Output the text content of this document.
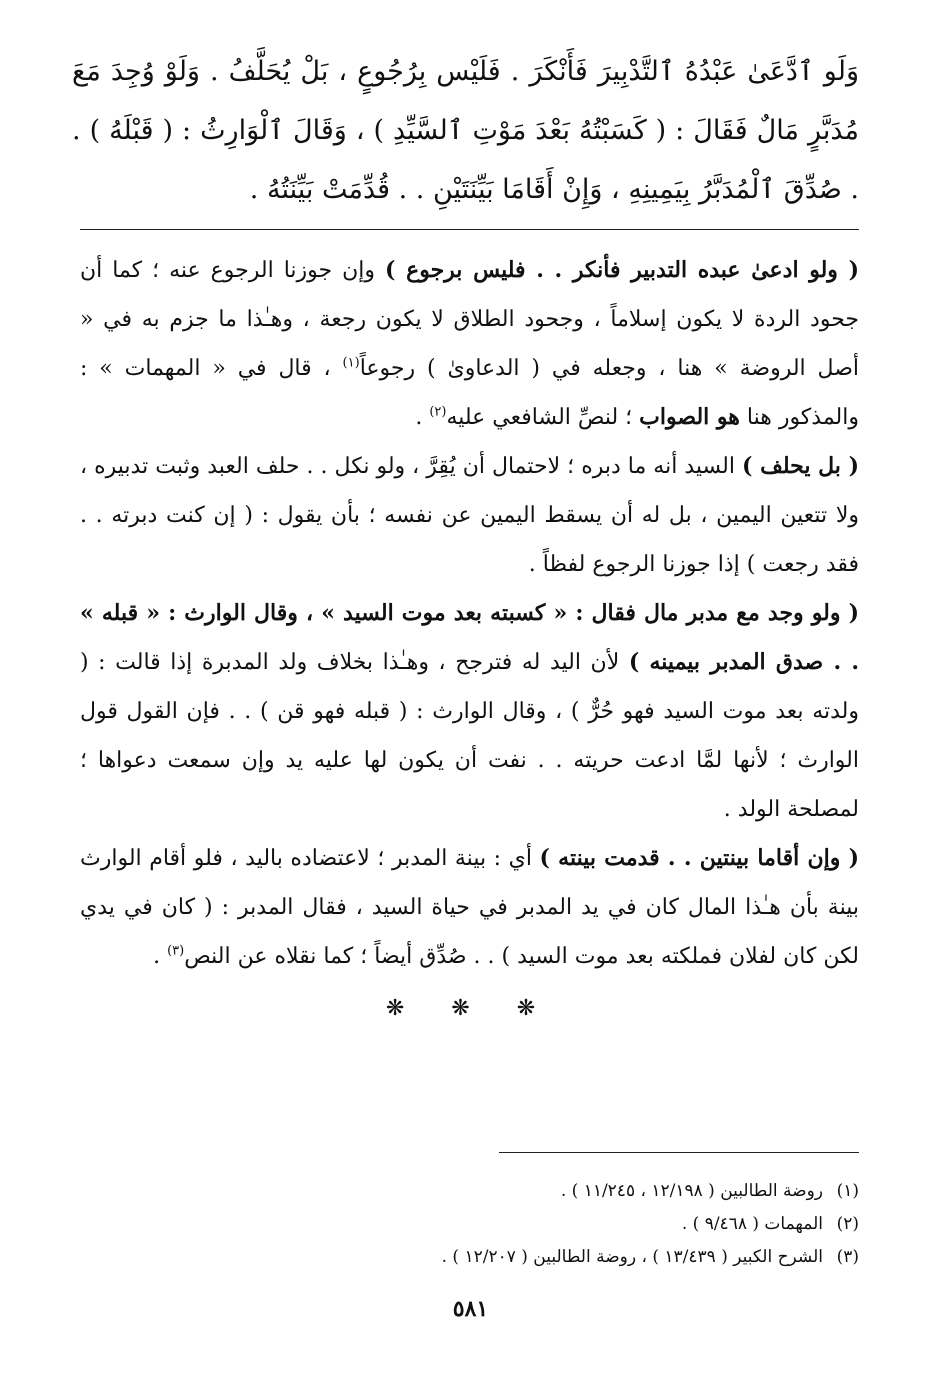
وَلَو ٱدَّعَىٰ عَبْدُهُ ٱلتَّدْبِيرَ فَأَنْكَرَ . فَلَيْس بِرُجُوعٍ ، بَلْ يُحَلَّفُ . وَلَوْ وُجِدَ مَعَ مُدَبَّرٍ مَالٌ فَقَالَ : ( كَسَبْتُهُ بَعْدَ مَوْتِ ٱلسَّيِّدِ ) ، وَقَالَ ٱلْوَارِثُ : ( قَبْلَهُ ) . . صُدِّقَ ٱلْمُدَبَّرُ بِيَمِينِهِ ، وَإِنْ أَقَامَا بَيِّنَتَيْنِ . . قُدِّمَتْ بَيِّنَتُهُ .

( ولو ادعىٰ عبده التدبير فأنكر . . فليس برجوع ) وإن جوزنا الرجوع عنه ؛ كما أن جحود الردة لا يكون إسلاماً ، وجحود الطلاق لا يكون رجعة ، وهـٰذا ما جزم به في « أصل الروضة » هنا ، وجعله في ( الدعاوىٰ ) رجوعاً$^{(١)}$ ، قال في « المهمات » : والمذكور هنا هو الصواب ؛ لنصِّ الشافعي عليه$^{(٢)}$ .

( بل يحلف ) السيد أنه ما دبره ؛ لاحتمال أن يُقِرَّ ، ولو نكل . . حلف العبد وثبت تدبيره ، ولا تتعين اليمين ، بل له أن يسقط اليمين عن نفسه ؛ بأن يقول : ( إن كنت دبرته . . فقد رجعت ) إذا جوزنا الرجوع لفظاً .

( ولو وجد مع مدبر مال فقال : « كسبته بعد موت السيد » ، وقال الوارث : « قبله » . . صدق المدبر بيمينه ) لأن اليد له فترجح ، وهـٰذا بخلاف ولد المدبرة إذا قالت : ( ولدته بعد موت السيد فهو حُرٌّ ) ، وقال الوارث : ( قبله فهو قن ) . . فإن القول قول الوارث ؛ لأنها لمَّا ادعت حريته . . نفت أن يكون لها عليه يد وإن سمعت دعواها ؛ لمصلحة الولد .

( وإن أقاما بينتين . . قدمت بينته ) أي : بينة المدبر ؛ لاعتضاده باليد ، فلو أقام الوارث بينة بأن هـٰذا المال كان في يد المدبر في حياة السيد ، فقال المدبر : ( كان في يدي لكن كان لفلان فملكته بعد موت السيد ) . . صُدِّق أيضاً ؛ كما نقلاه عن النص$^{(٣)}$ .

❋ ❋ ❋
(١)
روضة الطالبين ( ١٢/١٩٨ ، ١١/٢٤٥ ) .
(٢)
المهمات ( ٩/٤٦٨ ) .
(٣)
الشرح الكبير ( ١٣/٤٣٩ ) ، روضة الطالبين ( ١٢/٢٠٧ ) .
٥٨١
